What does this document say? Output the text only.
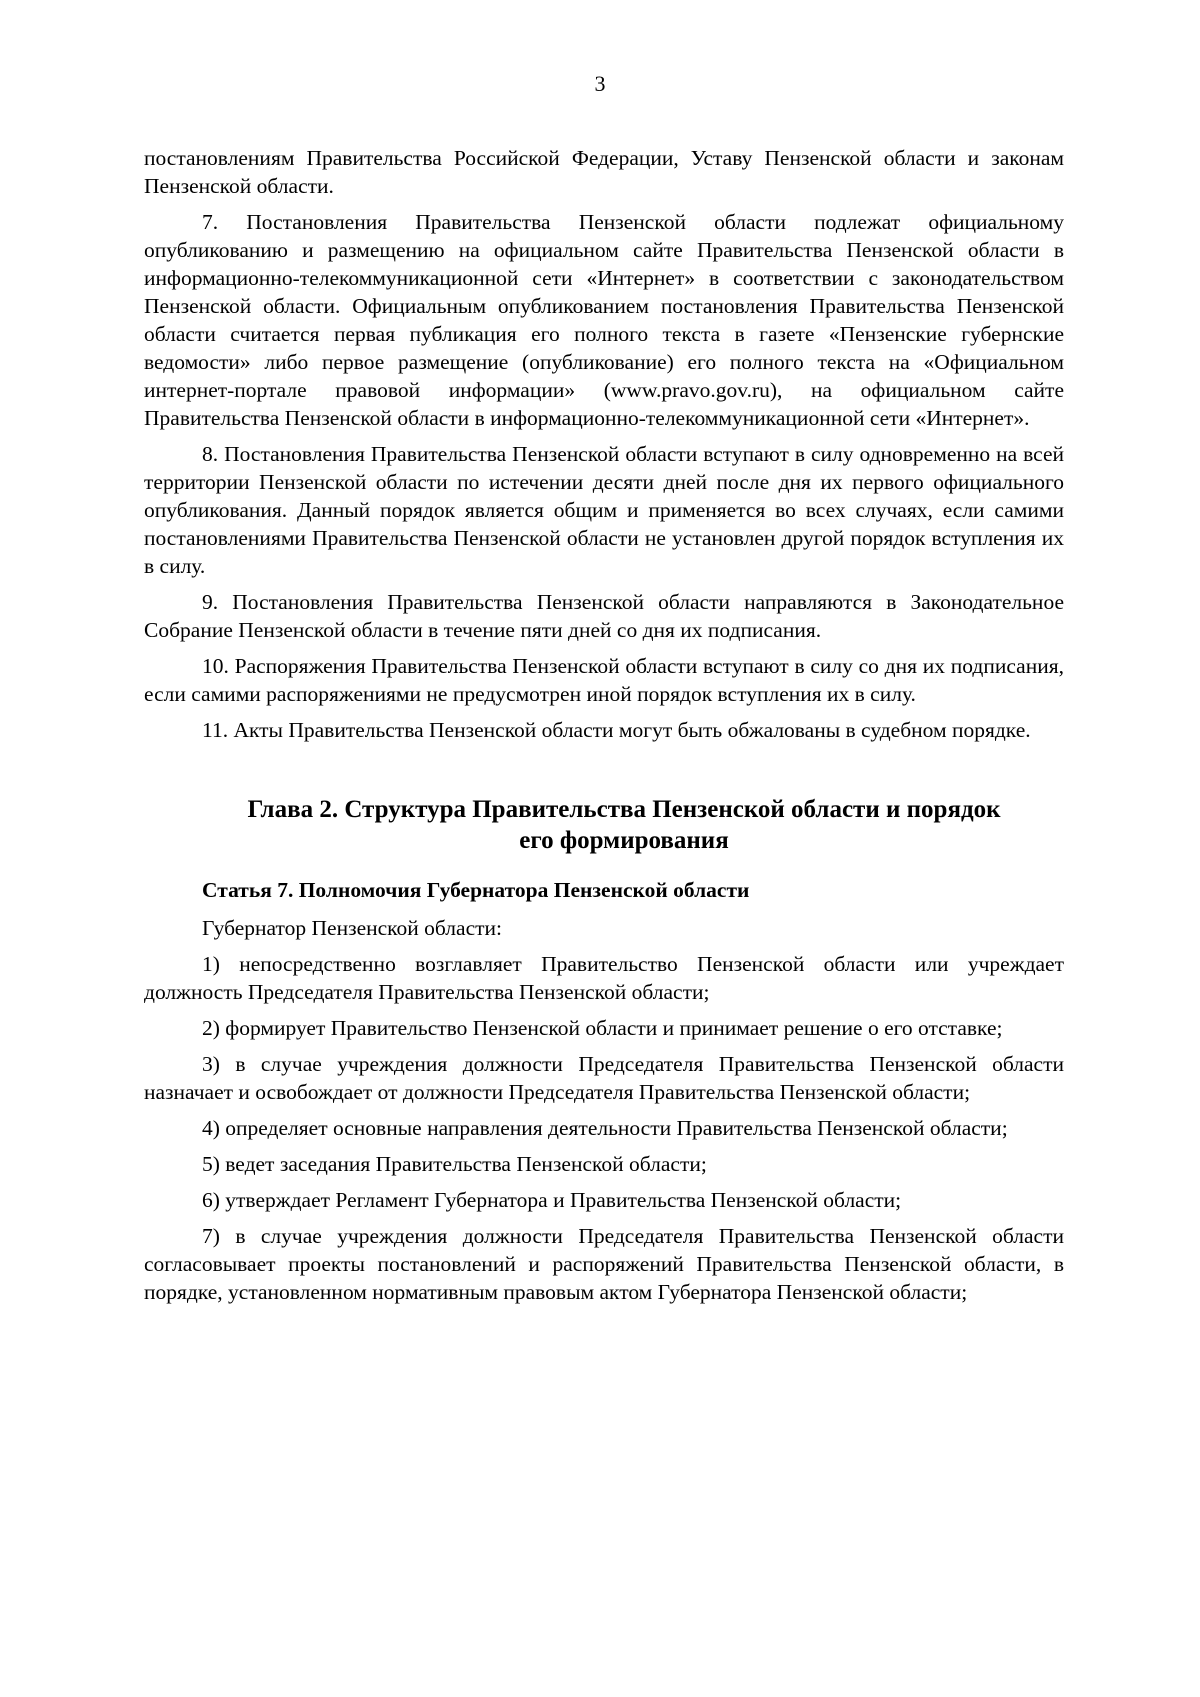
3

постановлениям Правительства Российской Федерации, Уставу Пензенской области и законам Пензенской области.

7. Постановления Правительства Пензенской области подлежат официальному опубликованию и размещению на официальном сайте Правительства Пензенской области в информационно-телекоммуникационной сети «Интернет» в соответствии с законодательством Пензенской области. Официальным опубликованием постановления Правительства Пензенской области считается первая публикация его полного текста в газете «Пензенские губернские ведомости» либо первое размещение (опубликование) его полного текста на «Официальном интернет-портале правовой информации» (www.pravo.gov.ru), на официальном сайте Правительства Пензенской области в информационно-телекоммуникационной сети «Интернет».

8. Постановления Правительства Пензенской области вступают в силу одновременно на всей территории Пензенской области по истечении десяти дней после дня их первого официального опубликования. Данный порядок является общим и применяется во всех случаях, если самими постановлениями Правительства Пензенской области не установлен другой порядок вступления их в силу.

9. Постановления Правительства Пензенской области направляются в Законодательное Собрание Пензенской области в течение пяти дней со дня их подписания.

10. Распоряжения Правительства Пензенской области вступают в силу со дня их подписания, если самими распоряжениями не предусмотрен иной порядок вступления их в силу.

11. Акты Правительства Пензенской области могут быть обжалованы в судебном порядке.

Глава 2. Структура Правительства Пензенской области и порядок
его формирования
Статья 7. Полномочия Губернатора Пензенской области

Губернатор Пензенской области:

1) непосредственно возглавляет Правительство Пензенской области или учреждает должность Председателя Правительства Пензенской области;

2) формирует Правительство Пензенской области и принимает решение о его отставке;

3) в случае учреждения должности Председателя Правительства Пензенской области назначает и освобождает от должности Председателя Правительства Пензенской области;

4) определяет основные направления деятельности Правительства Пензенской области;

5) ведет заседания Правительства Пензенской области;

6) утверждает Регламент Губернатора и Правительства Пензенской области;

7) в случае учреждения должности Председателя Правительства Пензенской области согласовывает проекты постановлений и распоряжений Правительства Пензенской области, в порядке, установленном нормативным правовым актом Губернатора Пензенской области;
